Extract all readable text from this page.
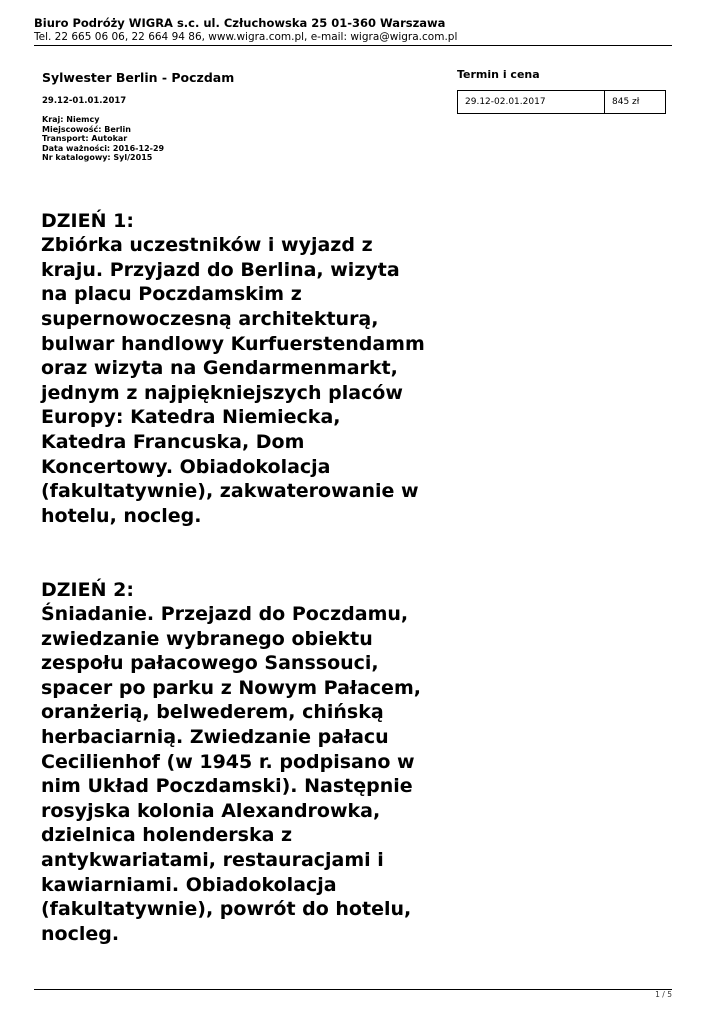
Biuro Podróży WIGRA s.c. ul. Człuchowska 25 01-360 Warszawa
Tel. 22 665 06 06, 22 664 94 86, www.wigra.com.pl, e-mail: wigra@wigra.com.pl
Sylwester Berlin - Poczdam
29.12-01.01.2017
Kraj: Niemcy
Miejscowość: Berlin
Transport: Autokar
Data ważności: 2016-12-29
Nr katalogowy: Syl/2015
Termin i cena
29.12-02.01.2017	845 zł

DZIEŃ 1:
Zbiórka uczestników i wyjazd z
kraju. Przyjazd do Berlina, wizyta
na placu Poczdamskim z
supernowoczesną architekturą,
bulwar handlowy Kurfuerstendamm
oraz wizyta na Gendarmenmarkt,
jednym z najpiękniejszych placów
Europy: Katedra Niemiecka,
Katedra Francuska, Dom
Koncertowy. Obiadokolacja
(fakultatywnie), zakwaterowanie w
hotelu, nocleg.

DZIEŃ 2:
Śniadanie. Przejazd do Poczdamu,
zwiedzanie wybranego obiektu
zespołu pałacowego Sanssouci,
spacer po parku z Nowym Pałacem,
oranżerią, belwederem, chińską
herbaciarnią. Zwiedzanie pałacu
Cecilienhof (w 1945 r. podpisano w
nim Układ Poczdamski). Następnie
rosyjska kolonia Alexandrowka,
dzielnica holenderska z
antykwariatami, restauracjami i
kawiarniami. Obiadokolacja
(fakultatywnie), powrót do hotelu,
nocleg.

1 / 5
